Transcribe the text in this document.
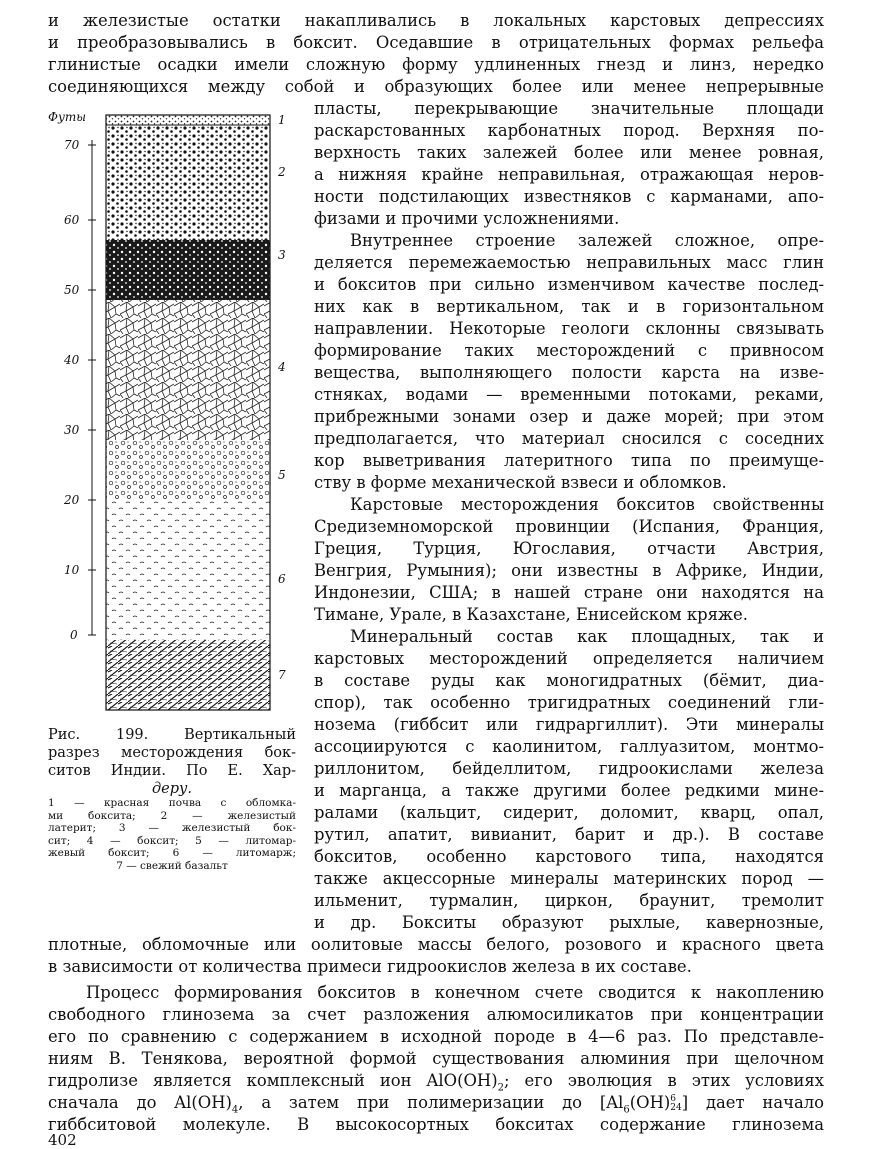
и железистые остатки накапливались в локальных карстовых депрессиях
и преобразовывались в боксит. Оседавшие в отрицательных формах рельефа
глинистые осадки имели сложную форму удлиненных гнезд и линз, нередко
соединяющихся между собой и образующих более или менее непрерывные
пласты, перекрывающие значительные площади
раскарстованных карбонатных пород. Верхняя по-
верхность таких залежей более или менее ровная,
а нижняя крайне неправильная, отражающая неров-
ности подстилающих известняков с карманами, апо-
физами и прочими усложнениями.
Внутреннее строение залежей сложное, опре-
деляется перемежаемостью неправильных масс глин
и бокситов при сильно изменчивом качестве послед-
них как в вертикальном, так и в горизонтальном
направлении. Некоторые геологи склонны связывать
формирование таких месторождений с привносом
вещества, выполняющего полости карста на изве-
стняках, водами — временными потоками, реками,
прибрежными зонами озер и даже морей; при этом
предполагается, что материал сносился с соседних
кор выветривания латеритного типа по преимуще-
ству в форме механической взвеси и обломков.
Карстовые месторождения бокситов свойственны
Средиземноморской провинции (Испания, Франция,
Греция, Турция, Югославия, отчасти Австрия,
Венгрия, Румыния); они известны в Африке, Индии,
Индонезии, США; в нашей стране они находятся на
Тимане, Урале, в Казахстане, Енисейском кряже.
Минеральный состав как площадных, так и
карстовых месторождений определяется наличием
в составе руды как моногидратных (бёмит, диа-
спор), так особенно тригидратных соединений гли-
нозема (гиббсит или гидраргиллит). Эти минералы
ассоциируются с каолинитом, галлуазитом, монтмо-
риллонитом, бейделлитом, гидроокислами железа
и марганца, а также другими более редкими мине-
ралами (кальцит, сидерит, доломит, кварц, опал,
рутил, апатит, вивианит, барит и др.). В составе
бокситов, особенно карстового типа, находятся
также акцессорные минералы материнских пород —
ильменит, турмалин, циркон, браунит, тремолит
и др. Бокситы образуют рыхлые, кавернозные,
плотные, обломочные или оолитовые массы белого, розового и красного цвета
в зависимости от количества примеси гидроокислов железа в их составе.
Процесс формирования бокситов в конечном счете сводится к накоплению
свободного глинозема за счет разложения алюмосиликатов при концентрации
его по сравнению с содержанием в исходной породе в 4—6 раз. По представле-
ниям В. Тенякова, вероятной формой существования алюминия при щелочном
гидролизе является комплексный ион $AlO(OH)_2$; его эволюция в этих условиях
сначала до $Al(OH)_4$, а затем при полимеризации до [$Al_6(OH)$ 6
24 ] дает начало
Футы
70
60
50
40
30
20
10
0
1
2
3
4
5
6
7
Рис. 199. Вертикальный
разрез месторождения бок-
ситов Индии. По Е. Хар-
деру.
1 — красная почва с обломка-
ми боксита; 2 — железистый
латерит; 3 — железистый бок-
сит; 4 — боксит; 5 — литомар-
жевый боксит; 6 — литомарж;
7 — свежий базальт
гиббситовой молекуле. В высокосортных бокситах содержание глинозема
402
